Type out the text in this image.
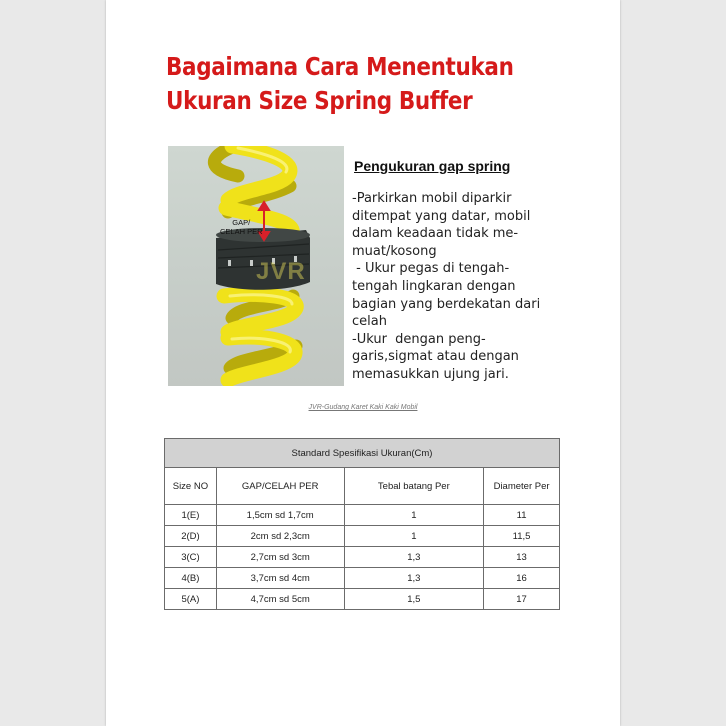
Bagaimana Cara Menentukan
Ukuran Size Spring Buffer
GAP/
CELAH PER
JVR
Pengukuran gap spring

-Parkirkan mobil diparkir
ditempat yang datar, mobil
dalam keadaan tidak me-
muat/kosong
- Ukur pegas di tengah-
tengah lingkaran dengan
bagian yang berdekatan dari
celah
-Ukur  dengan peng-
garis,sigmat atau dengan
memasukkan ujung jari.

JVR-Gudang Karet Kaki Kaki Mobil
Standard Spesifikasi Ukuran(Cm)			
Size NO	GAP/CELAH PER	Tebal batang Per	Diameter Per
1(E)	1,5cm sd 1,7cm	1	11
2(D)	2cm sd 2,3cm	1	11,5
3(C)	2,7cm sd 3cm	1,3	13
4(B)	3,7cm sd 4cm	1,3	16
5(A)	4,7cm sd 5cm	1,5	17
